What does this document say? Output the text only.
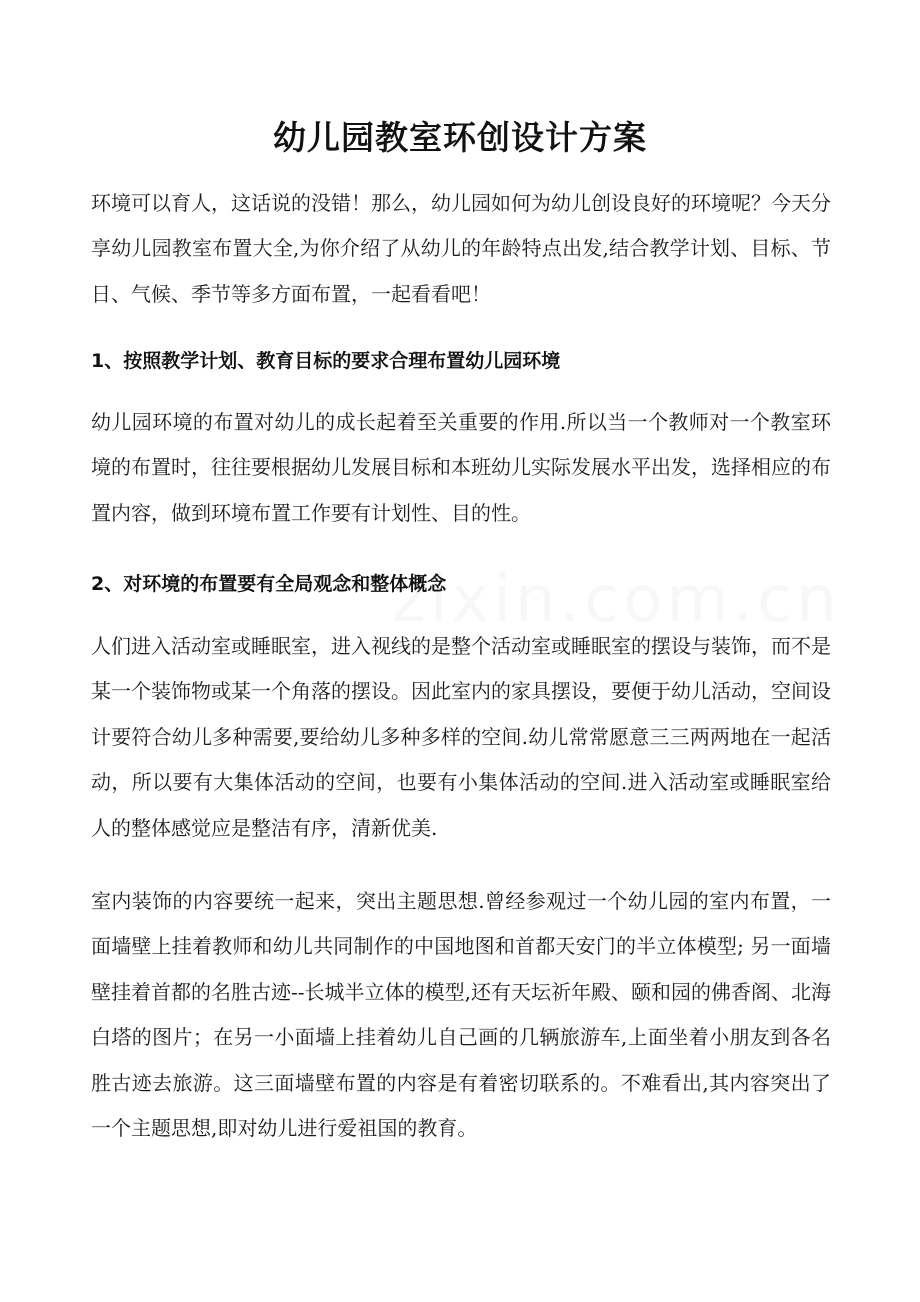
zixin.com.cn
幼儿园教室环创设计方案

环境可以育人，这话说的没错！那么，幼儿园如何为幼儿创设良好的环境呢？今天分享幼儿园教室布置大全,为你介绍了从幼儿的年龄特点出发,结合教学计划、目标、节日、气候、季节等多方面布置，一起看看吧！

1、按照教学计划、教育目标的要求合理布置幼儿园环境

幼儿园环境的布置对幼儿的成长起着至关重要的作用.所以当一个教师对一个教室环境的布置时，往往要根据幼儿发展目标和本班幼儿实际发展水平出发，选择相应的布置内容，做到环境布置工作要有计划性、目的性。

2、对环境的布置要有全局观念和整体概念

人们进入活动室或睡眠室，进入视线的是整个活动室或睡眠室的摆设与装饰，而不是某一个装饰物或某一个角落的摆设。因此室内的家具摆设，要便于幼儿活动，空间设计要符合幼儿多种需要,要给幼儿多种多样的空间.幼儿常常愿意三三两两地在一起活动，所以要有大集体活动的空间，也要有小集体活动的空间.进入活动室或睡眠室给人的整体感觉应是整洁有序，清新优美.

室内装饰的内容要统一起来，突出主题思想.曾经参观过一个幼儿园的室内布置，一面墙壁上挂着教师和幼儿共同制作的中国地图和首都天安门的半立体模型; 另一面墙壁挂着首都的名胜古迹--长城半立体的模型,还有天坛祈年殿、颐和园的佛香阁、北海白塔的图片；在另一小面墙上挂着幼儿自己画的几辆旅游车,上面坐着小朋友到各名胜古迹去旅游。这三面墙壁布置的内容是有着密切联系的。不难看出,其内容突出了一个主题思想,即对幼儿进行爱祖国的教育。
